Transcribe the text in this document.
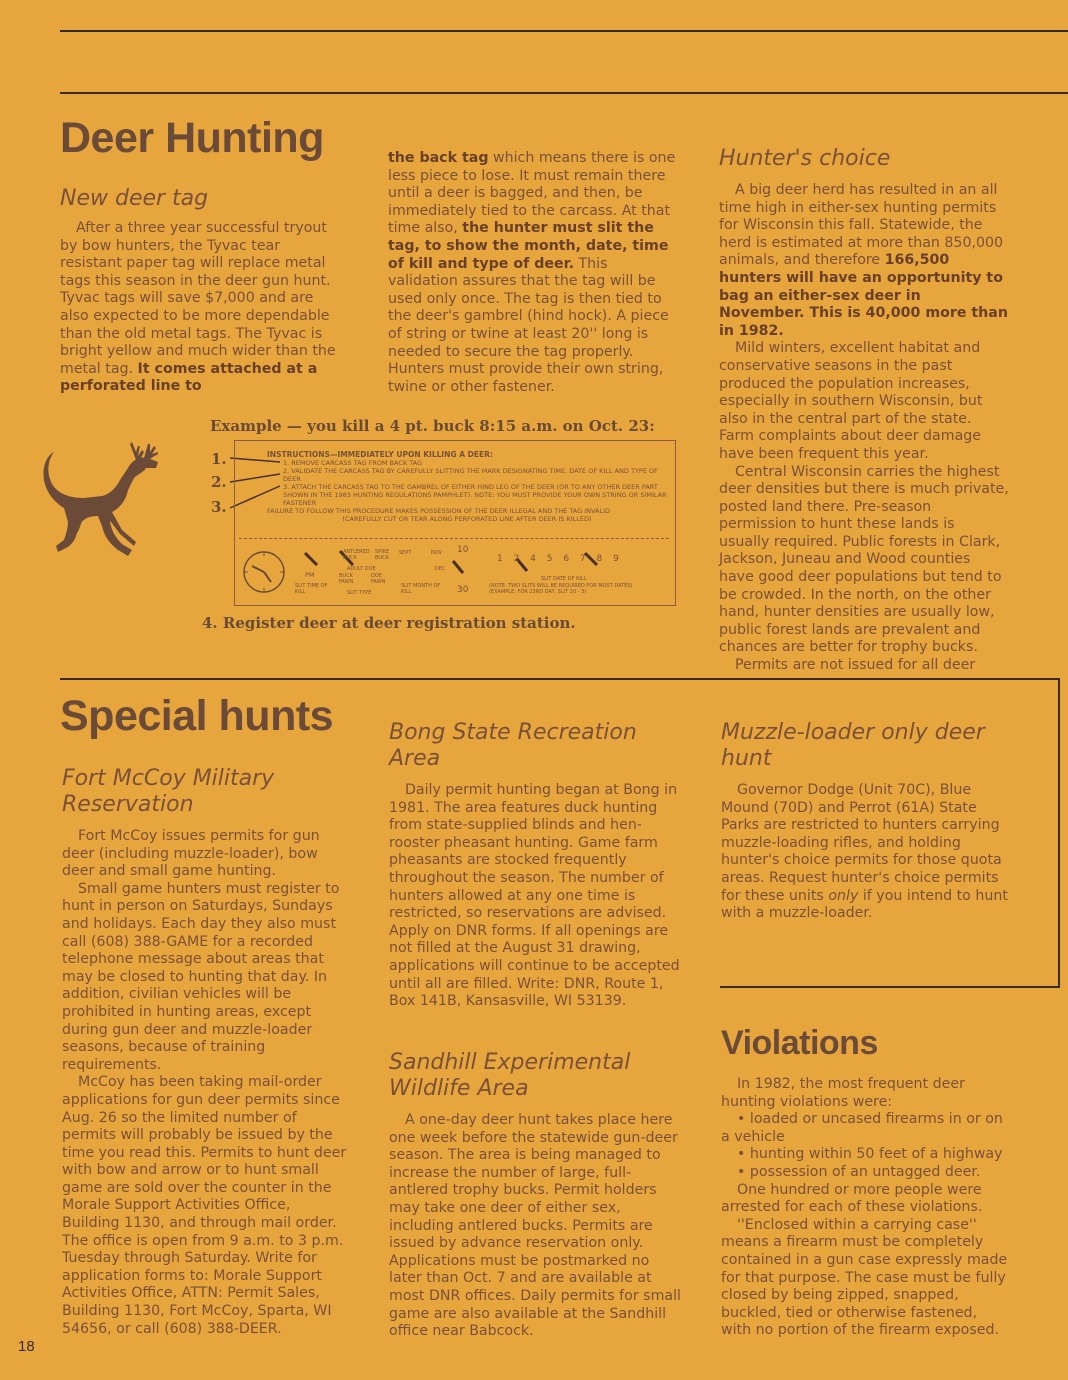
Deer Hunting
New deer tag

After a three year successful tryout by bow hunters, the Tyvac tear resistant paper tag will replace metal tags this season in the deer gun hunt. Tyvac tags will save $7,000 and are also expected to be more dependable than the old metal tags. The Tyvac is bright yellow and much wider than the metal tag. It comes attached at a perforated line to

the back tag which means there is one less piece to lose. It must remain there until a deer is bagged, and then, be immediately tied to the carcass. At that time also, the hunter must slit the tag, to show the month, date, time of kill and type of deer. This validation assures that the tag will be used only once. The tag is then tied to the deer's gambrel (hind hock). A piece of string or twine at least 20'' long is needed to secure the tag properly. Hunters must provide their own string, twine or other fastener.

Hunter's choice

A big deer herd has resulted in an all time high in either-sex hunting permits for Wisconsin this fall. Statewide, the herd is estimated at more than 850,000 animals, and therefore 166,500 hunters will have an opportunity to bag an either-sex deer in November. This is 40,000 more than in 1982.

Mild winters, excellent habitat and conservative seasons in the past produced the population increases, especially in southern Wisconsin, but also in the central part of the state. Farm complaints about deer damage have been frequent this year.

Central Wisconsin carries the highest deer densities but there is much private, posted land there. Pre-season permission to hunt these lands is usually required. Public forests in Clark, Jackson, Juneau and Wood counties have good deer populations but tend to be crowded. In the north, on the other hand, hunter densities are usually low, public forest lands are prevalent and chances are better for trophy bucks.

Permits are not issued for all deer

Example — you kill a 4 pt. buck 8:15 a.m. on Oct. 23:
1.
2.
3.
INSTRUCTIONS—IMMEDIATELY UPON KILLING A DEER:
1. REMOVE CARCASS TAG FROM BACK TAG
2. VALIDATE THE CARCASS TAG BY CAREFULLY SLITTING THE MARK DESIGNATING TIME, DATE OF KILL AND TYPE OF DEER
3. ATTACH THE CARCASS TAG TO THE GAMBREL OF EITHER HIND LEG OF THE DEER (OR TO ANY OTHER DEER PART SHOWN IN THE 1983 HUNTING REGULATIONS PAMPHLET). NOTE: YOU MUST PROVIDE YOUR OWN STRING OR SIMILAR FASTENER
FAILURE TO FOLLOW THIS PROCEDURE MAKES POSSESSION OF THE DEER ILLEGAL AND THE TAG INVALID
(CAREFULLY CUT OR TEAR ALONG PERFORATED LINE AFTER DEER IS KILLED)
SLIT TIME OF KILL
PM
ANTLERED BUCK
SPIKE BUCK
ADULT DOE
BUCK FAWN
DOE FAWN
SLIT TYPE
SEPT	NOV
DEC
10
30
SLIT MONTH OF KILL
1 2 4 5 6 7 8 9
SLIT DATE OF KILL
(NOTE: TWO SLITS WILL BE REQUIRED FOR MOST DATES) (EXAMPLE: FOR 23RD DAY, SLIT 20 - 3)
4. Register deer at deer registration station.
Special hunts
Fort McCoy Military Reservation

Fort McCoy issues permits for gun deer (including muzzle-loader), bow deer and small game hunting.

Small game hunters must register to hunt in person on Saturdays, Sundays and holidays. Each day they also must call (608) 388-GAME for a recorded telephone message about areas that may be closed to hunting that day. In addition, civilian vehicles will be prohibited in hunting areas, except during gun deer and muzzle-loader seasons, because of training requirements.

McCoy has been taking mail-order applications for gun deer permits since Aug. 26 so the limited number of permits will probably be issued by the time you read this. Permits to hunt deer with bow and arrow or to hunt small game are sold over the counter in the Morale Support Activities Office, Building 1130, and through mail order. The office is open from 9 a.m. to 3 p.m. Tuesday through Saturday. Write for application forms to: Morale Support Activities Office, ATTN: Permit Sales, Building 1130, Fort McCoy, Sparta, WI 54656, or call (608) 388-DEER.

Bong State Recreation Area

Daily permit hunting began at Bong in 1981. The area features duck hunting from state-supplied blinds and hen-rooster pheasant hunting. Game farm pheasants are stocked frequently throughout the season. The number of hunters allowed at any one time is restricted, so reservations are advised. Apply on DNR forms. If all openings are not filled at the August 31 drawing, applications will continue to be accepted until all are filled. Write: DNR, Route 1, Box 141B, Kansasville, WI 53139.

Sandhill Experimental Wildlife Area

A one-day deer hunt takes place here one week before the statewide gun-deer season. The area is being managed to increase the number of large, full-antlered trophy bucks. Permit holders may take one deer of either sex, including antlered bucks. Permits are issued by advance reservation only. Applications must be postmarked no later than Oct. 7 and are available at most DNR offices. Daily permits for small game are also available at the Sandhill office near Babcock.

Muzzle-loader only deer hunt

Governor Dodge (Unit 70C), Blue Mound (70D) and Perrot (61A) State Parks are restricted to hunters carrying muzzle-loading rifles, and holding hunter's choice permits for those quota areas. Request hunter's choice permits for these units only if you intend to hunt with a muzzle-loader.

Violations

In 1982, the most frequent deer hunting violations were:

• loaded or uncased firearms in or on a vehicle

• hunting within 50 feet of a highway

• possession of an untagged deer.

One hundred or more people were arrested for each of these violations.

''Enclosed within a carrying case'' means a firearm must be completely contained in a gun case expressly made for that purpose. The case must be fully closed by being zipped, snapped, buckled, tied or otherwise fastened, with no portion of the firearm exposed.

18
